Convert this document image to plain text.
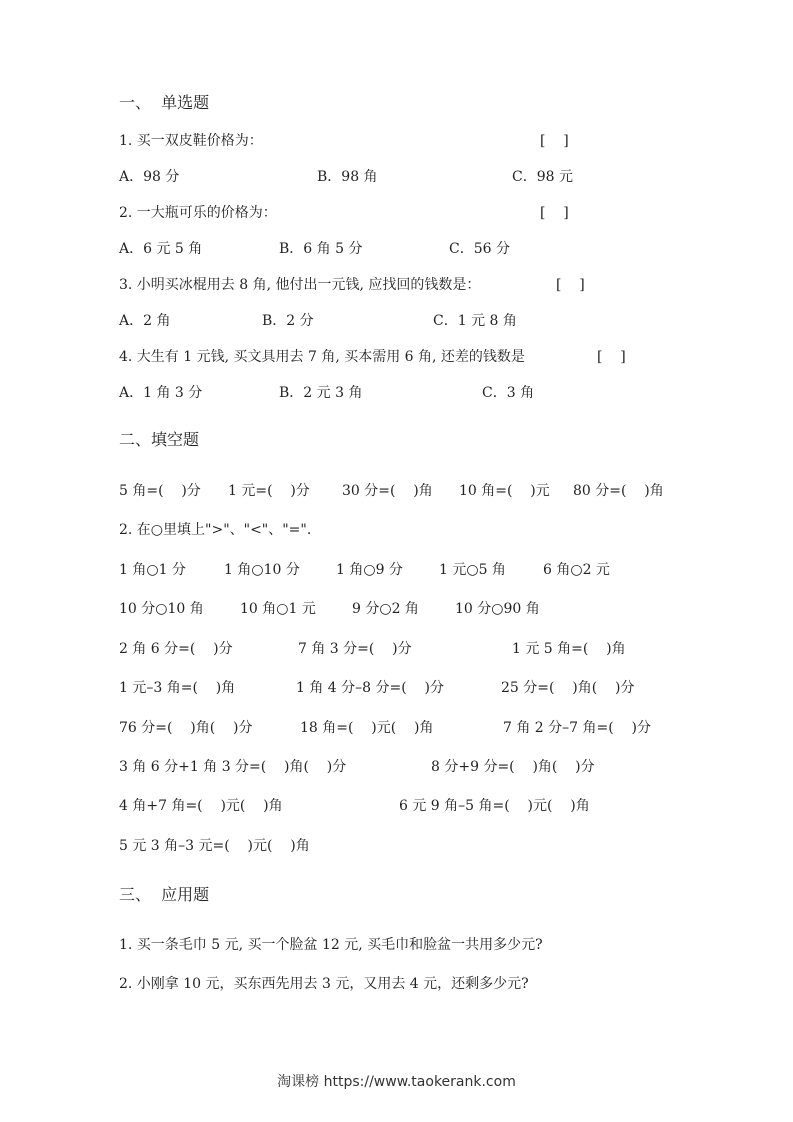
一、  单选题
1. 买一双皮鞋价格为：	[    ]
A．98 分	B．98 角	C．98 元
2. 一大瓶可乐的价格为：	[    ]
A．6 元 5 角	B．6 角 5 分	C．56 分
3. 小明买冰棍用去 8 角, 他付出一元钱, 应找回的钱数是：	[    ]
A．2 角	B．2 分	C．1 元 8 角
4. 大生有 1 元钱, 买文具用去 7 角, 买本需用 6 角, 还差的钱数是	[    ]
A．1 角 3 分	B．2 元 3 角	C．3 角
二、填空题
5 角=(    )分 1 元=(    )分 30 分=(    )角 10 角=(    )元 80 分=(    )角
2. 在○里填上">"、"<"、"=".
1 角○1 分	1 角○10 分	1 角○9 分	1 元○5 角	6 角○2 元
10 分○10 角	10 角○1 元	9 分○2 角	10 分○90 角
2 角 6 分=(    )分	7 角 3 分=(    )分	1 元 5 角=(    )角
1 元–3 角=(    )角	1 角 4 分–8 分=(    )分	25 分=(    )角(    )分
76 分=(    )角(    )分	18 角=(    )元(    )角	7 角 2 分–7 角=(    )分
3 角 6 分+1 角 3 分=(    )角(    )分	8 分+9 分=(    )角(    )分
4 角+7 角=(    )元(    )角	6 元 9 角–5 角=(    )元(    )角
5 元 3 角–3 元=(    )元(    )角
三、  应用题
1. 买一条毛巾 5 元, 买一个脸盆 12 元, 买毛巾和脸盆一共用多少元?
2. 小刚拿 10 元，买东西先用去 3 元，又用去 4 元，还剩多少元?
淘课榜 https://www.taokerank.com
